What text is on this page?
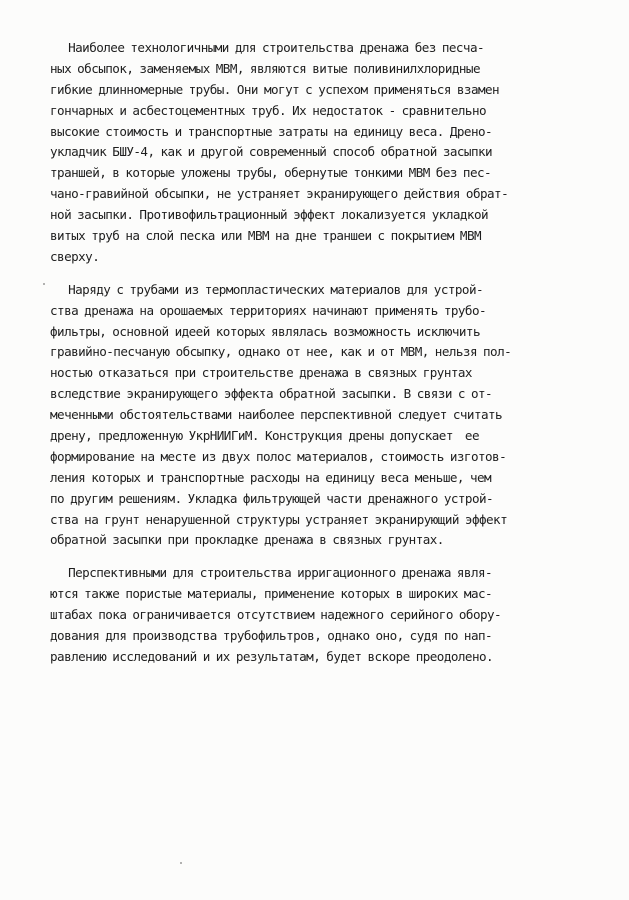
Наиболее технологичными для строительства дренажа без песча-
ных обсыпок, заменяемых МВМ, являются витые поливинилхлоридные
гибкие длинномерные трубы. Они могут с успехом применяться взамен
гончарных и асбестоцементных труб. Их недостаток - сравнительно
высокие стоимость и транспортные затраты на единицу веса. Дрено-
укладчик БШУ-4, как и другой современный способ обратной засыпки
траншей, в которые уложены трубы, обернутые тонкими МВМ без пес-
чано-гравийной обсыпки, не устраняет экранирующего действия обрат-
ной засыпки. Противофильтрационный эффект локализуется укладкой
витых труб на слой песка или МВМ на дне траншеи с покрытием МВМ
сверху.
Наряду с трубами из термопластических материалов для устрой-
ства дренажа на орошаемых территориях начинают применять трубо-
фильтры, основной идеей которых являлась возможность исключить
гравийно-песчаную обсыпку, однако от нее, как и от МВМ, нельзя пол-
ностью отказаться при строительстве дренажа в связных грунтах
вследствие экранирующего эффекта обратной засыпки. В связи с от-
меченными обстоятельствами наиболее перспективной следует считать
дрену, предложенную УкрНИИГиМ. Конструкция дрены допускает  ее
формирование на месте из двух полос материалов, стоимость изготов-
ления которых и транспортные расходы на единицу веса меньше, чем
по другим решениям. Укладка фильтрующей части дренажного устрой-
ства на грунт ненарушенной структуры устраняет экранирующий эффект
обратной засыпки при прокладке дренажа в связных грунтах.
Перспективными для строительства ирригационного дренажа явля-
ются также пористые материалы, применение которых в широких мас-
штабах пока ограничивается отсутствием надежного серийного обору-
дования для производства трубофильтров, однако оно, судя по нап-
равлению исследований и их результатам, будет вскоре преодолено.
